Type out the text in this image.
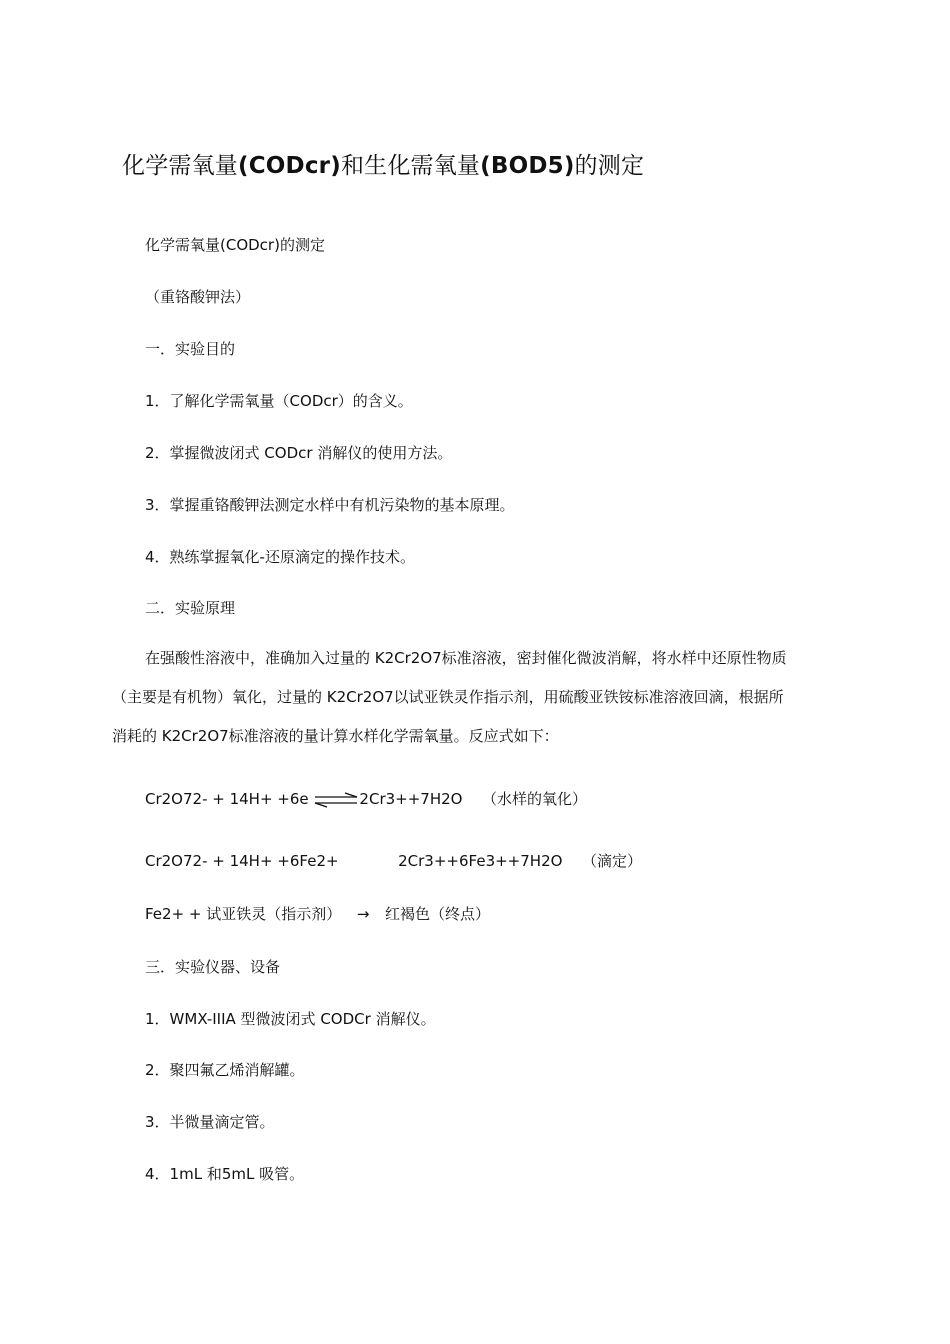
化学需氧量(CODcr)和生化需氧量(BOD5)的测定
化学需氧量(CODcr)的测定
（重铬酸钾法）
一．实验目的
1．了解化学需氧量（CODcr）的含义。
2．掌握微波闭式 CODcr 消解仪的使用方法。
3．掌握重铬酸钾法测定水样中有机污染物的基本原理。
4．熟练掌握氧化-还原滴定的操作技术。
二．实验原理
在强酸性溶液中，准确加入过量的 K2Cr2O7标准溶液，密封催化微波消解，将水样中还原性物质
（主要是有机物）氧化，过量的 K2Cr2O7以试亚铁灵作指示剂，用硫酸亚铁铵标准溶液回滴，根据所
消耗的 K2Cr2O7标准溶液的量计算水样化学需氧量。反应式如下：
Cr2O72- + 14H+ +6e ⇌2Cr3++7H2O （水样的氧化）
Cr2O72- + 14H+ +6Fe2+	2Cr3++6Fe3++7H2O （滴定）
Fe2+ + 试亚铁灵（指示剂） → 红褐色（终点）
三．实验仪器、设备
1．WMX-IIIA 型微波闭式 CODCr 消解仪。
2．聚四氟乙烯消解罐。
3．半微量滴定管。
4．1mL 和5mL 吸管。
